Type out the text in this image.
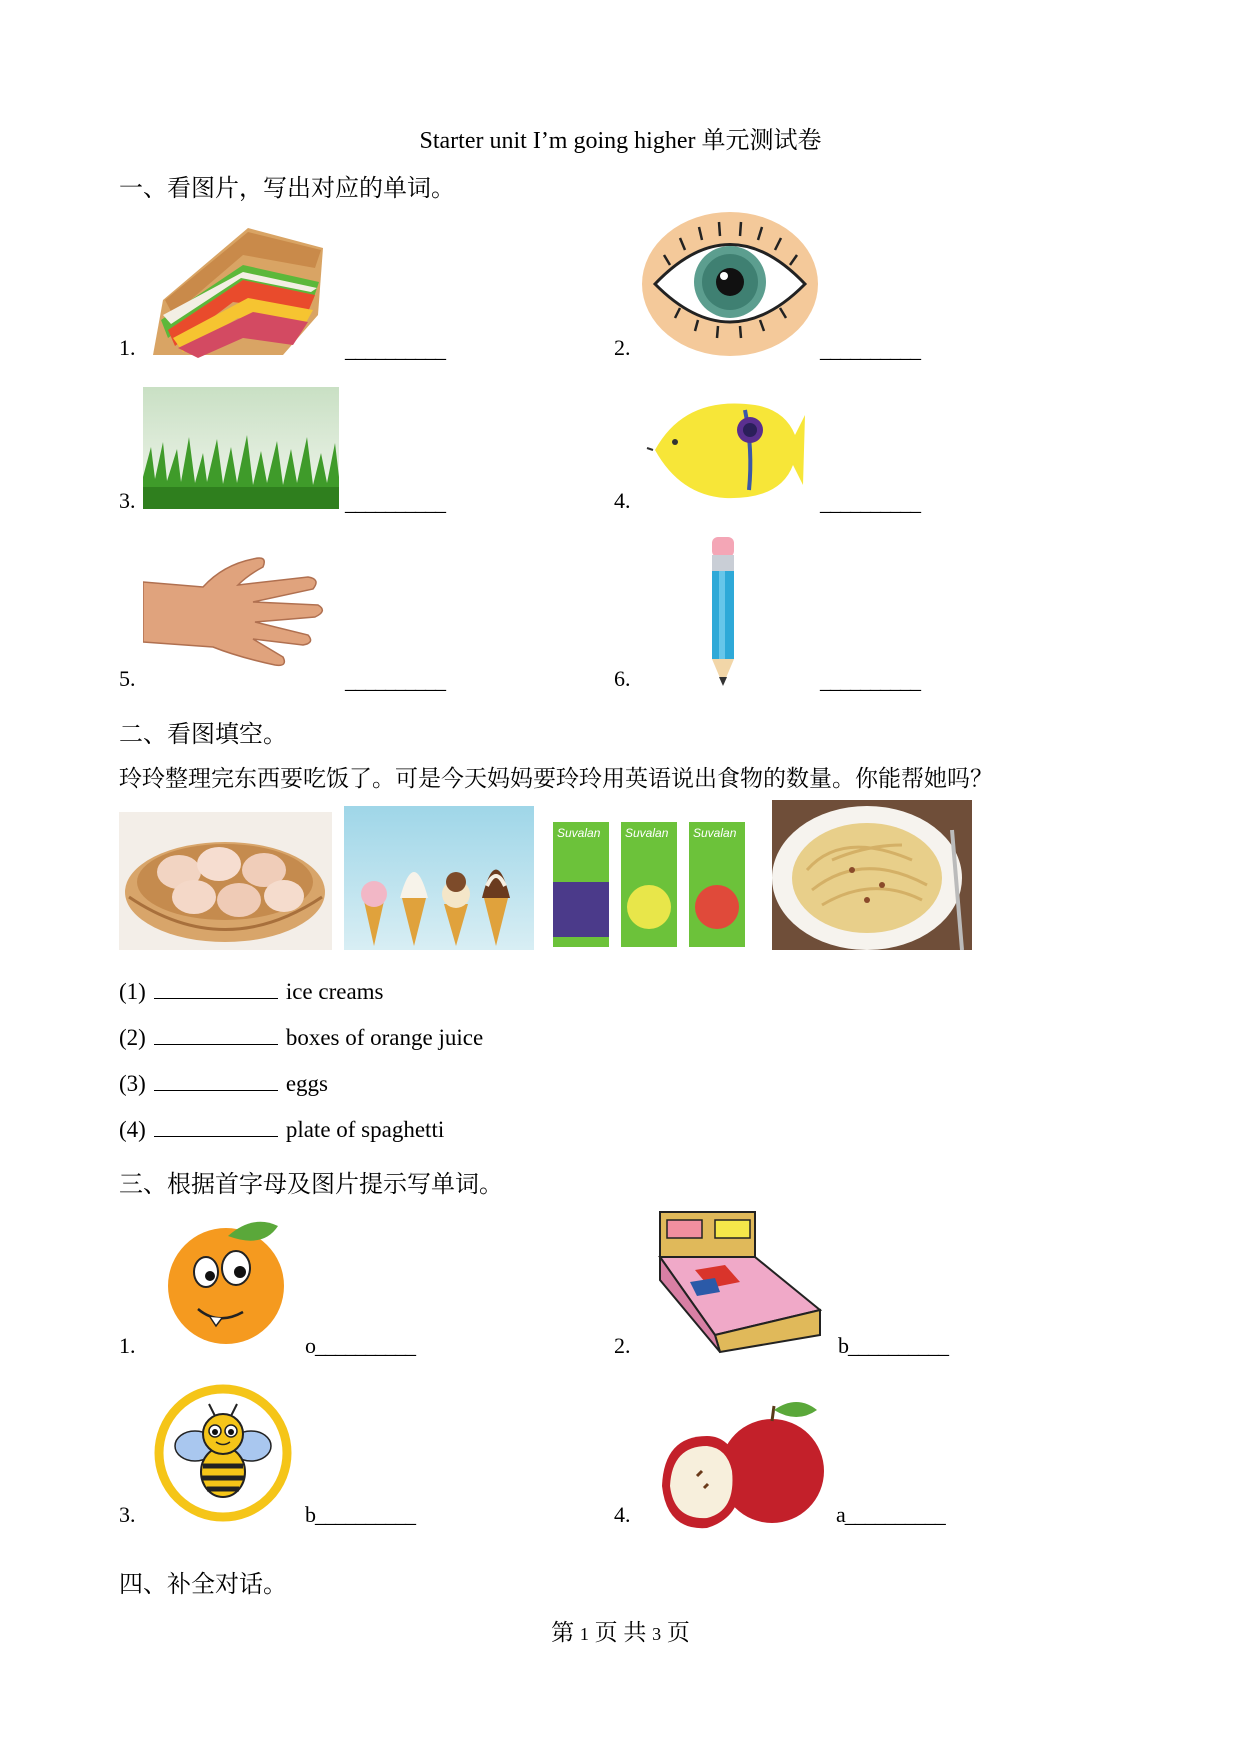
Starter unit I’m going higher 单元测试卷
一、看图片，写出对应的单词。
1.	__________	2.	__________
3.	__________	4.	__________
5.	__________	6.	__________
二、看图填空。
玲玲整理完东西要吃饭了。可是今天妈妈要玲玲用英语说出食物的数量。你能帮她吗？
Suvalan Suvalan Suvalan
(1)	ice creams
(2)	boxes of orange juice
(3)	eggs
(4)	plate of spaghetti
三、根据首字母及图片提示写单词。
1.	o__________	2.	b__________
3.	b__________	4.	a__________
四、补全对话。
第 1 页 共 3 页
